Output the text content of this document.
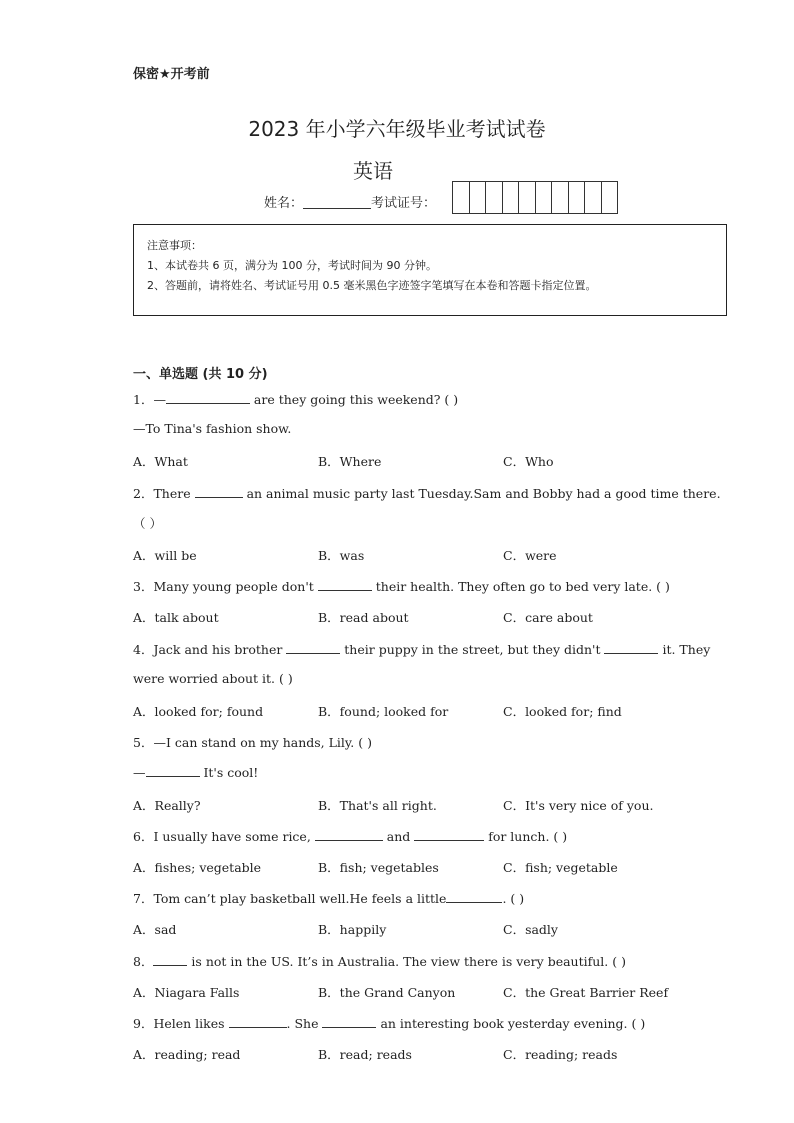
保密★开考前
2023 年小学六年级毕业考试试卷
英语
姓名：	考试证号：
注意事项：
1、本试卷共 6 页，满分为 100 分，考试时间为 90 分钟。
2、答题前，请将姓名、考试证号用 0.5 毫米黑色字迹签字笔填写在本卷和答题卡指定位置。
一、单选题 (共 10 分)
1．—	are they going this weekend? ( )
—To Tina's fashion show.
A．What	B．Where	C．Who
2．There	an animal music party last Tuesday.Sam and Bobby had a good time there.
（ ）
A．will be	B．was	C．were
3．Many young people don't	their health. They often go to bed very late. ( )
A．talk about	B．read about	C．care about
4．Jack and his brother	their puppy in the street, but they didn't	it. They
were worried about it. ( )
A．looked for; found	B．found; looked for	C．looked for; find
5．—I can stand on my hands, Lily. ( )
—	It's cool!
A．Really?	B．That's all right.	C．It's very nice of you.
6．I usually have some rice,	and	for lunch. ( )
A．fishes; vegetable	B．fish; vegetables	C．fish; vegetable
7．Tom can’t play basketball well.He feels a little	. ( )
A．sad	B．happily	C．sadly
8．	is not in the US. It’s in Australia. The view there is very beautiful. ( )
A．Niagara Falls	B．the Grand Canyon	C．the Great Barrier Reef
9．Helen likes	. She	an interesting book yesterday evening. ( )
A．reading; read	B．read; reads	C．reading; reads
